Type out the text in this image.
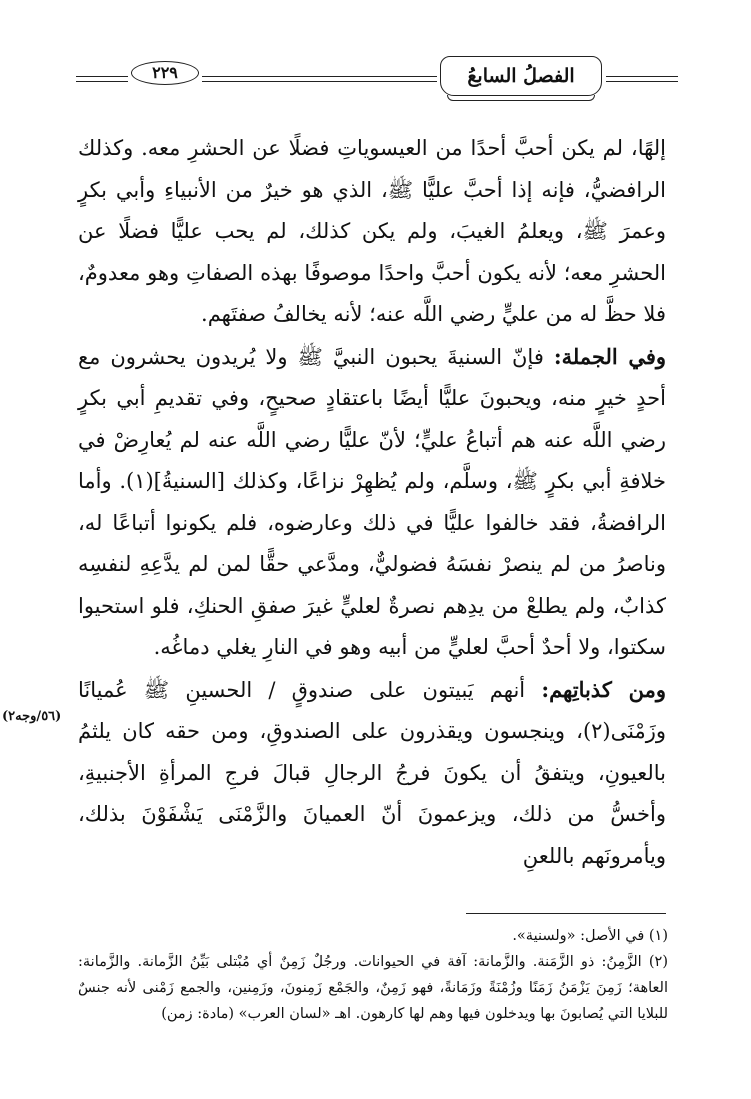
الفصلُ السابعُ
٢٢٩

إلهًا، لم يكن أحبَّ أحدًا من العيسوياتِ فضلًا عن الحشرِ معه. وكذلك الرافضيُّ، فإنه إذا أحبَّ عليًّا ﷺ، الذي هو خيرٌ من الأنبياءِ وأبي بكرٍ وعمرَ ﷺ، ويعلمُ الغيبَ، ولم يكن كذلك، لم يحب عليًّا فضلًا عن الحشرِ معه؛ لأنه يكون أحبَّ واحدًا موصوفًا بهذه الصفاتِ وهو معدومٌ، فلا حظَّ له من عليٍّ رضي اللَّه عنه؛ لأنه يخالفُ صفتَهم.

وفي الجملة: فإنّ السنيةَ يحبون النبيَّ ﷺ ولا يُريدون يحشرون مع أحدٍ خيرٍ منه، ويحبونَ عليًّا أيضًا باعتقادٍ صحيحٍ، وفي تقديمِ أبي بكرٍ رضي اللَّه عنه هم أتباعُ عليٍّ؛ لأنّ عليًّا رضي اللَّه عنه لم يُعارِضْ في خلافةِ أبي بكرٍ ﷺ، وسلَّم، ولم يُظهِرْ نزاعًا، وكذلك [السنيةُ](١). وأما الرافضةُ، فقد خالفوا عليًّا في ذلك وعارضوه، فلم يكونوا أتباعًا له، وناصرُ من لم ينصرْ نفسَهُ فضوليٌّ، ومدَّعي حقًّا لمن لم يدَّعِهِ لنفسِه كذابٌ، ولم يطلعْ من يدِهم نصرةٌ لعليٍّ غيرَ صفقِ الحنكِ، فلو استحيوا سكتوا، ولا أحدٌ أحبَّ لعليٍّ من أبيه وهو في النارِ يغلي دماغُه.

ومن كذباتِهم: أنهم يَبيتون على صندوقٍ / الحسينِ ﷺ عُميانًا وزَمْنَى(٢)، وينجسون ويقذرون على الصندوقِ، ومن حقه كان يلثمُ بالعيونِ، ويتفقُ أن يكونَ فرجُ الرجالِ قبالَ فرجِ المرأةِ الأجنبيةِ، وأخسُّ من ذلك، ويزعمونَ أنّ العميانَ والزَّمْنَى يَشْفَوْنَ بذلك، ويأمرونَهم باللعنِ

(٥٦/وجه٢)

(١) في الأصل: «ولسنية».

(٢) الزَّمِنُ: ذو الزَّمَنة. والزَّمانة: آفة في الحيوانات. ورجُلٌ زَمِنٌ أي مُبْتلى بَيِّنُ الزَّمانة. والزَّمانة: العاهة؛ زَمِنَ يَزْمَنُ زَمَنًا وزُمْنَةً وزَمَانةً، فهو زَمِنٌ، والجَمْع زَمِنونَ، وزَمِنين، والجمع زَمْنى لأنه جنسٌ للبلايا التي يُصابونَ بها ويدخلون فيها وهم لها كارهون. اهـ «لسان العرب» (مادة: زمن)
